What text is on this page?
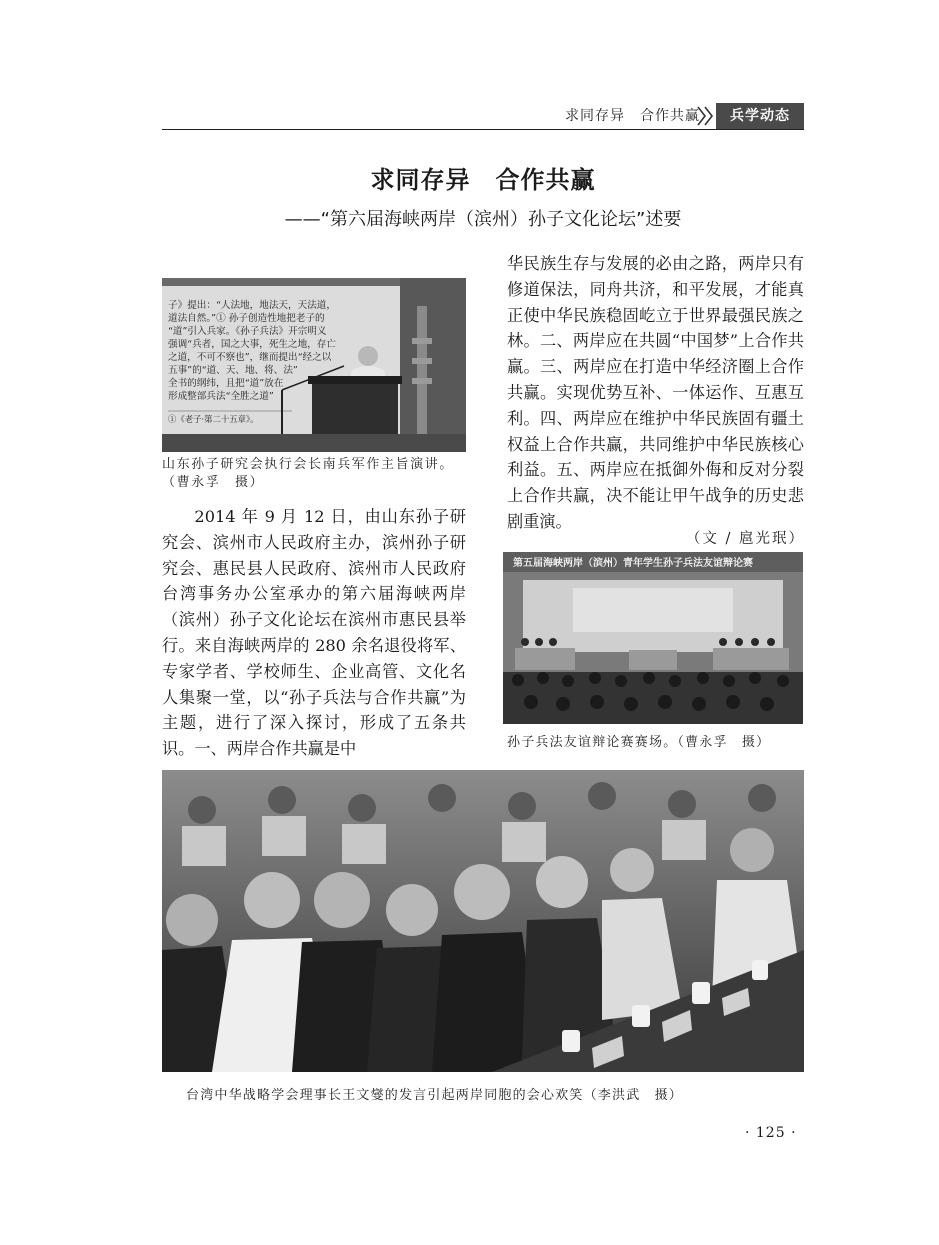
求同存异　合作共赢	兵学动态
求同存异　合作共赢
——“第六届海峡两岸（滨州）孙子文化论坛”述要
子》提出：“人法地，地法天，天法道， 道法自然。”① 孙子创造性地把老子的 “道”引入兵家。《孙子兵法》开宗明义 强调“兵者，国之大事，死生之地，存亡 之道，不可不察也”，继而提出“经之以 五事”的“道、天、地、将、法” 全书的纲纬，且把“道”放在 形成整部兵法“全胜之道” ①《老子·第二十五章》。
山东孙子研究会执行会长南兵军作主旨演讲。（曹永孚　摄）
2014 年 9 月 12 日，由山东孙子研究会、滨州市人民政府主办，滨州孙子研究会、惠民县人民政府、滨州市人民政府台湾事务办公室承办的第六届海峡两岸（滨州）孙子文化论坛在滨州市惠民县举行。来自海峡两岸的 280 余名退役将军、专家学者、学校师生、企业高管、文化名人集聚一堂，以“孙子兵法与合作共赢”为主题，进行了深入探讨，形成了五条共识。一、两岸合作共赢是中
华民族生存与发展的必由之路，两岸只有修道保法，同舟共济，和平发展，才能真正使中华民族稳固屹立于世界最强民族之林。二、两岸应在共圆“中国梦”上合作共赢。三、两岸应在打造中华经济圈上合作共赢。实现优势互补、一体运作、互惠互利。四、两岸应在维护中华民族固有疆土权益上合作共赢，共同维护中华民族核心利益。五、两岸应在抵御外侮和反对分裂上合作共赢，决不能让甲午战争的历史悲剧重演。
（文 / 扈光珉）
第五届海峡两岸（滨州）青年学生孙子兵法友谊辩论赛
孙子兵法友谊辩论赛赛场。（曹永孚　摄）
台湾中华战略学会理事长王文燮的发言引起两岸同胞的会心欢笑（李洪武　摄）
· 125 ·
